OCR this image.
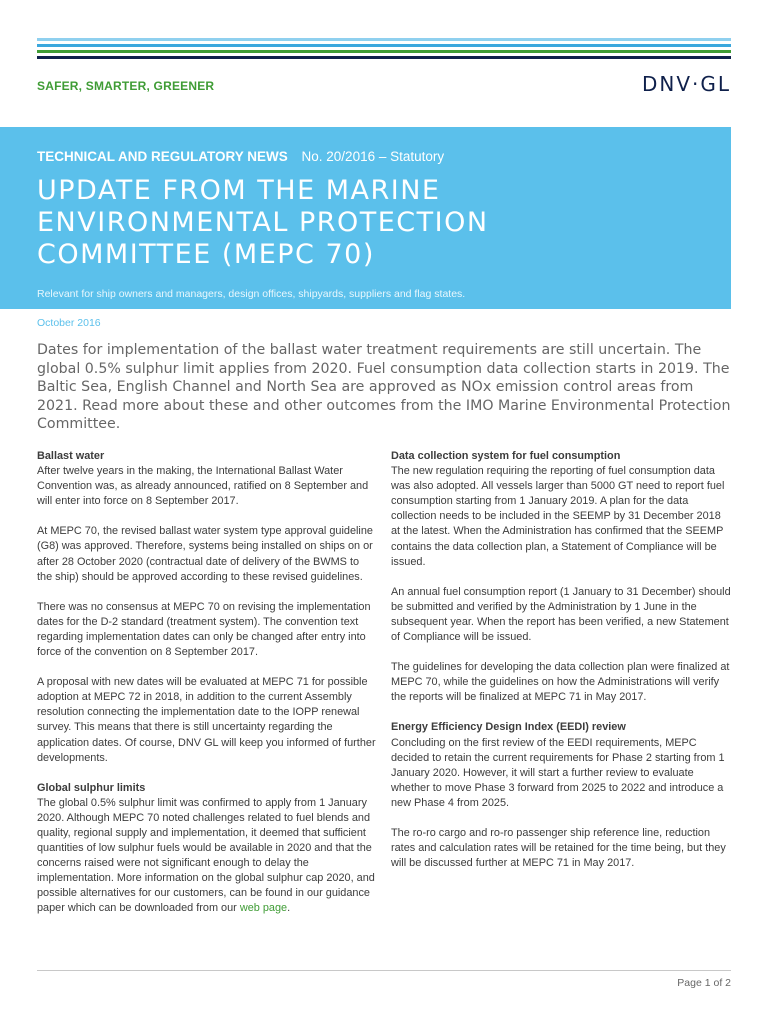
SAFER, SMARTER, GREENER	DNV·GL
TECHNICAL AND REGULATORY NEWS No. 20/2016 – Statutory
UPDATE FROM THE MARINE
ENVIRONMENTAL PROTECTION
COMMITTEE (MEPC 70)
Relevant for ship owners and managers, design offices, shipyards, suppliers and flag states.
October 2016

Dates for implementation of the ballast water treatment requirements are still uncertain. The global 0.5% sulphur limit applies from 2020. Fuel consumption data collection starts in 2019. The Baltic Sea, English Channel and North Sea are approved as NOx emission control areas from 2021. Read more about these and other outcomes from the IMO Marine Environmental Protection Committee.

Ballast water

After twelve years in the making, the International Ballast Water Convention was, as already announced, ratified on 8 September and will enter into force on 8 September 2017.

At MEPC 70, the revised ballast water system type approval guideline (G8) was approved. Therefore, systems being installed on ships on or after 28 October 2020 (contractual date of delivery of the BWMS to the ship) should be approved according to these revised guidelines.

There was no consensus at MEPC 70 on revising the implementation dates for the D-2 standard (treatment system). The convention text regarding implementation dates can only be changed after entry into force of the convention on 8 September 2017.

A proposal with new dates will be evaluated at MEPC 71 for possible adoption at MEPC 72 in 2018, in addition to the current Assembly resolution connecting the implementation date to the IOPP renewal survey. This means that there is still uncertainty regarding the application dates. Of course, DNV GL will keep you informed of further developments.

Global sulphur limits

The global 0.5% sulphur limit was confirmed to apply from 1 January 2020. Although MEPC 70 noted challenges related to fuel blends and quality, regional supply and implementation, it deemed that sufficient quantities of low sulphur fuels would be available in 2020 and that the concerns raised were not significant enough to delay the implementation. More information on the global sulphur cap 2020, and possible alternatives for our customers, can be found in our guidance paper which can be downloaded from our web page.

Data collection system for fuel consumption

The new regulation requiring the reporting of fuel consumption data was also adopted. All vessels larger than 5000 GT need to report fuel consumption starting from 1 January 2019. A plan for the data collection needs to be included in the SEEMP by 31 December 2018 at the latest. When the Administration has confirmed that the SEEMP contains the data collection plan, a Statement of Compliance will be issued.

An annual fuel consumption report (1 January to 31 December) should be submitted and verified by the Administration by 1 June in the subsequent year. When the report has been verified, a new Statement of Compliance will be issued.

The guidelines for developing the data collection plan were finalized at MEPC 70, while the guidelines on how the Administrations will verify the reports will be finalized at MEPC 71 in May 2017.

Energy Efficiency Design Index (EEDI) review

Concluding on the first review of the EEDI requirements, MEPC decided to retain the current requirements for Phase 2 starting from 1 January 2020. However, it will start a further review to evaluate whether to move Phase 3 forward from 2025 to 2022 and introduce a new Phase 4 from 2025.

The ro-ro cargo and ro-ro passenger ship reference line, reduction rates and calculation rates will be retained for the time being, but they will be discussed further at MEPC 71 in May 2017.

Page 1 of 2
